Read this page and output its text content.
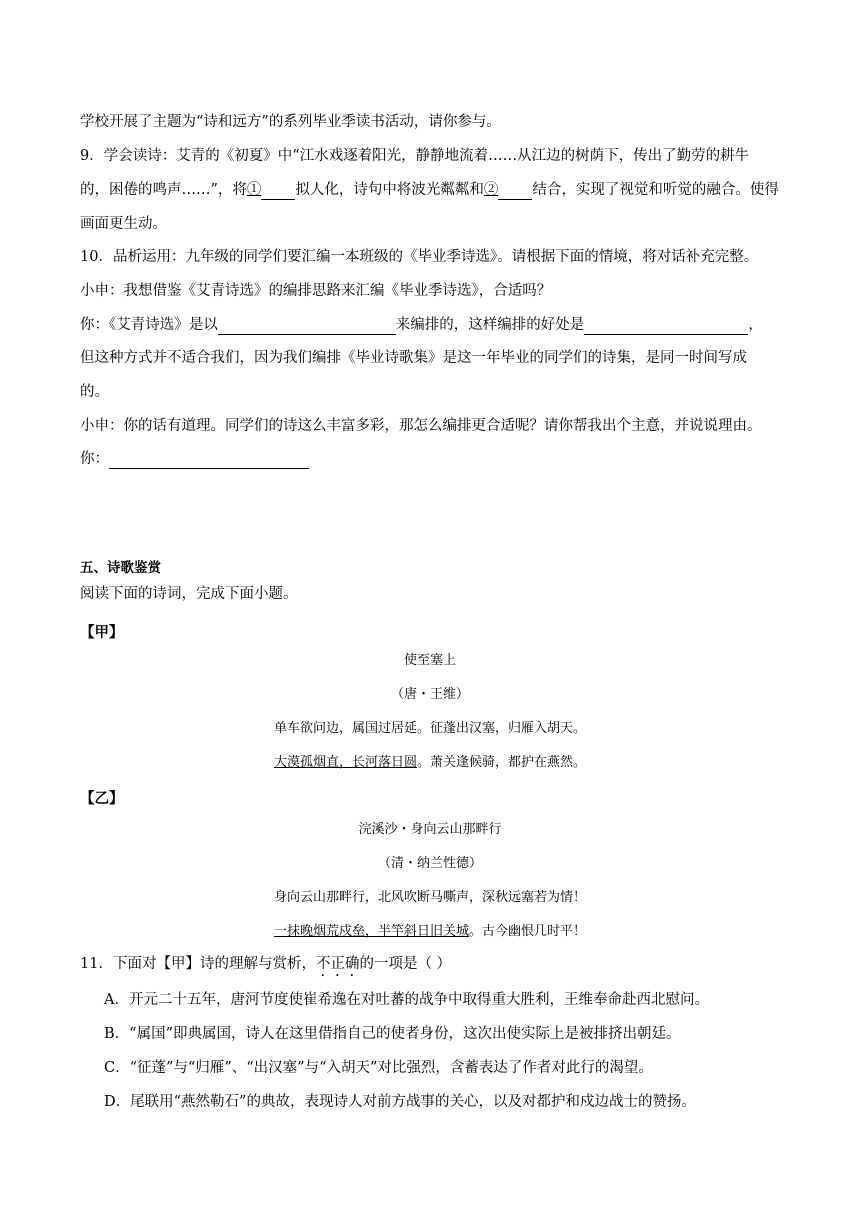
学校开展了主题为“诗和远方”的系列毕业季读书活动，请你参与。
9．学会读诗：艾青的《初夏》中“江水戏逐着阳光，静静地流着……从江边的树荫下，传出了勤劳的耕牛
的，困倦的鸣声……”，将① 拟人化，诗句中将波光粼粼和② 结合，实现了视觉和听觉的融合。使得
画面更生动。
10．品析运用：九年级的同学们要汇编一本班级的《毕业季诗选》。请根据下面的情境，将对话补充完整。
小申：我想借鉴《艾青诗选》的编排思路来汇编《毕业季诗选》，合适吗？
你：《艾青诗选》是以	来编排的，这样编排的好处是	，
但这种方式并不适合我们，因为我们编排《毕业诗歌集》是这一年毕业的同学们的诗集，是同一时间写成
的。
小申：你的话有道理。同学们的诗这么丰富多彩，那怎么编排更合适呢？请你帮我出个主意，并说说理由。
你：
五、诗歌鉴赏
阅读下面的诗词，完成下面小题。
【甲】
使至塞上
（唐・王维）
单车欲问边，属国过居延。征蓬出汉塞，归雁入胡天。
大漠孤烟直，长河落日圆。萧关逢候骑，都护在燕然。
【乙】
浣溪沙・身向云山那畔行
（清・纳兰性德）
身向云山那畔行，北风吹断马嘶声，深秋远塞若为情！
一抹晚烟荒戍垒，半竿斜日旧关城。古今幽恨几时平！
11．下面对【甲】诗的理解与赏析，不正确的一项是（ ）
A．开元二十五年，唐河节度使崔希逸在对吐蕃的战争中取得重大胜利，王维奉命赴西北慰问。
B．“属国”即典属国，诗人在这里借指自己的使者身份，这次出使实际上是被排挤出朝廷。
C．“征蓬”与“归雁”、“出汉塞”与“入胡天”对比强烈，含蓄表达了作者对此行的渴望。
D．尾联用“燕然勒石”的典故，表现诗人对前方战事的关心，以及对都护和戍边战士的赞扬。
